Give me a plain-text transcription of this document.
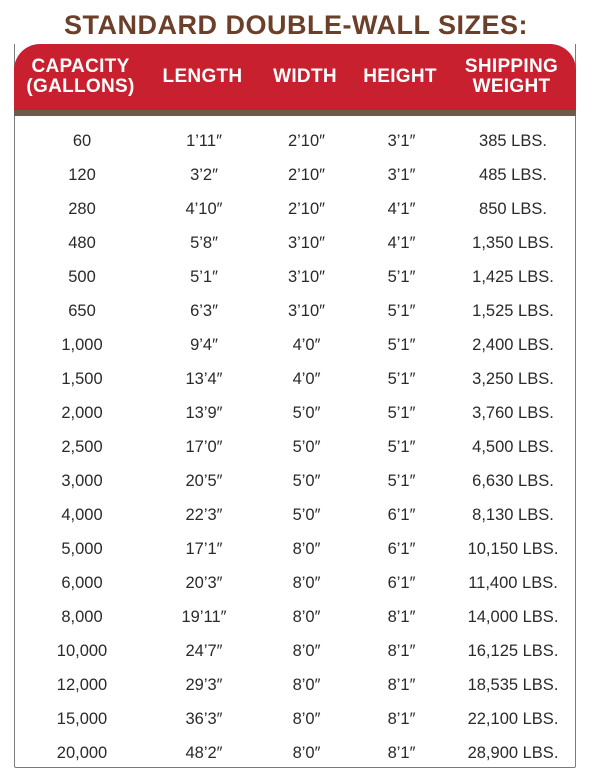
STANDARD DOUBLE-WALL SIZES:
CAPACITY
(GALLONS)	LENGTH	WIDTH	HEIGHT	SHIPPING
WEIGHT
60	1’11″	2’10″	3’1″	385 LBS.
120	3’2″	2’10″	3’1″	485 LBS.
280	4’10″	2’10″	4’1″	850 LBS.
480	5’8″	3’10″	4’1″	1,350 LBS.
500	5’1″	3’10″	5’1″	1,425 LBS.
650	6’3″	3’10″	5’1″	1,525 LBS.
1,000	9’4″	4’0″	5’1″	2,400 LBS.
1,500	13’4″	4’0″	5’1″	3,250 LBS.
2,000	13’9″	5’0″	5’1″	3,760 LBS.
2,500	17’0″	5’0″	5’1″	4,500 LBS.
3,000	20’5″	5’0″	5’1″	6,630 LBS.
4,000	22’3″	5’0″	6’1″	8,130 LBS.
5,000	17’1″	8’0″	6’1″	10,150 LBS.
6,000	20’3″	8’0″	6’1″	11,400 LBS.
8,000	19’11″	8’0″	8’1″	14,000 LBS.
10,000	24’7″	8’0″	8’1″	16,125 LBS.
12,000	29’3″	8’0″	8’1″	18,535 LBS.
15,000	36’3″	8’0″	8’1″	22,100 LBS.
20,000	48’2″	8’0″	8’1″	28,900 LBS.
